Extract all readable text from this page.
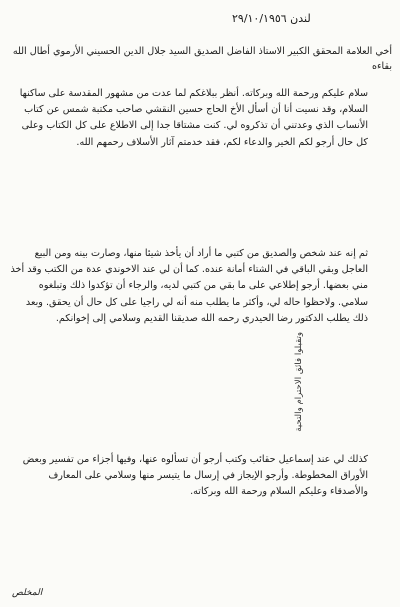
لندن ٢٩/١٠/١٩٥٦
أخي العلامة المحقق الكبير الاستاذ الفاضل الصديق السيد جلال الدين الحسيني الأرموي أطال الله بقاءه
سلام عليكم ورحمة الله وبركاته. أنظر ببلاغكم لما عدت من مشهور المقدسة على ساكنها السلام، وقد نسيت أنا أن أسأل الأخ الحاج حسين النقشي صاحب مكتبة شمس عن كتاب الأنساب الذي وعدتني أن تذكروه لي. كنت مشتاقا جدا إلى الاطلاع على كل الكتاب وعلى كل حال أرجو لكم الخير والدعاء لكم، فقد خدمتم آثار الأسلاف رحمهم الله.
ثم إنه عند شخص والصديق من كتبي ما أراد أن يأخذ شيئا منها، وصارت بينه ومن البيع العاجل وبقي الباقي في الشتاء أمانة عنده. كما أن لي عند الاخوندي عدة من الكتب وقد أخذ مني بعضها. أرجو إطلاعي على ما بقي من كتبي لديه، والرجاء أن تؤكدوا ذلك وتبلغوه سلامي. ولاحظوا حاله لي، وأكثر ما يطلب منه أنه لي راجيا على كل حال أن يحقق. وبعد ذلك يطلب الدكتور رضا الحيدري رحمه الله صديقنا القديم وسلامي إلى إخوانكم.
كذلك لي عند إسماعيل حقائب وكتب أرجو أن تسألوه عنها، وفيها أجزاء من تفسير وبعض الأوراق المخطوطة. وأرجو الإيجاز في إرسال ما يتيسر منها وسلامي على المعارف والأصدقاء وعليكم السلام ورحمة الله وبركاته.
وتقبلوا فائق الاحترام والتحية
المخلص
